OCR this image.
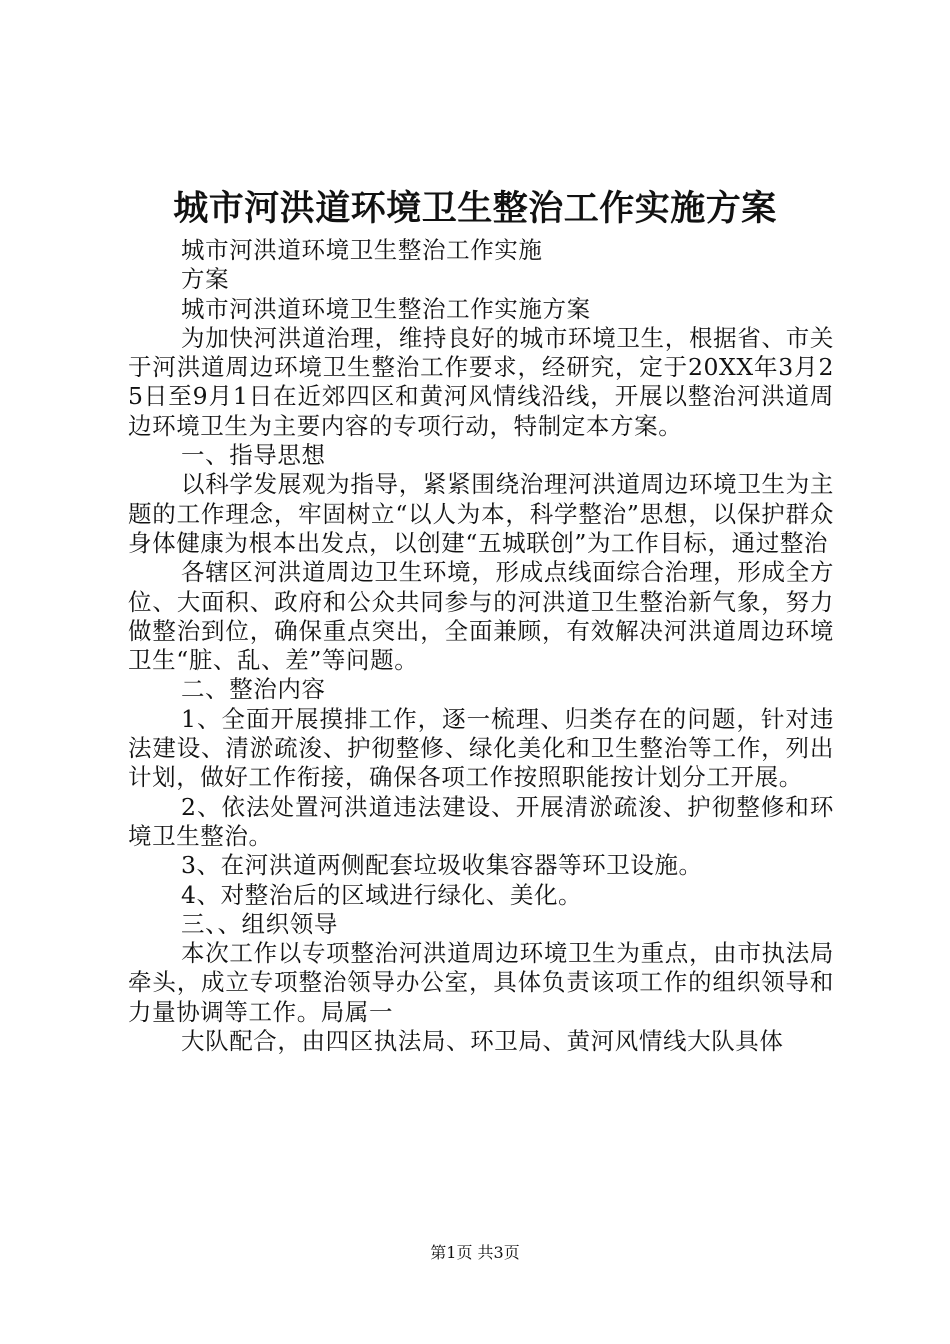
城市河洪道环境卫生整治工作实施方案

城市河洪道环境卫生整治工作实施

方案

城市河洪道环境卫生整治工作实施方案

为加快河洪道治理，维持良好的城市环境卫生，根据省、市关于河洪道周边环境卫生整治工作要求，经研究，定于20XX年3月25日至9月1日在近郊四区和黄河风情线沿线，开展以整治河洪道周边环境卫生为主要内容的专项行动，特制定本方案。

一、指导思想

以科学发展观为指导，紧紧围绕治理河洪道周边环境卫生为主题的工作理念，牢固树立“以人为本，科学整治”思想，以保护群众身体健康为根本出发点，以创建“五城联创”为工作目标，通过整治

各辖区河洪道周边卫生环境，形成点线面综合治理，形成全方位、大面积、政府和公众共同参与的河洪道卫生整治新气象，努力做整治到位，确保重点突出，全面兼顾，有效解决河洪道周边环境卫生“脏、乱、差”等问题。

二、整治内容

1、全面开展摸排工作，逐一梳理、归类存在的问题，针对违法建设、清淤疏浚、护彻整修、绿化美化和卫生整治等工作，列出计划，做好工作衔接，确保各项工作按照职能按计划分工开展。

2、依法处置河洪道违法建设、开展清淤疏浚、护彻整修和环境卫生整治。

3、在河洪道两侧配套垃圾收集容器等环卫设施。

4、对整治后的区域进行绿化、美化。

三、、组织领导

本次工作以专项整治河洪道周边环境卫生为重点，由市执法局牵头，成立专项整治领导办公室，具体负责该项工作的组织领导和力量协调等工作。局属一

大队配合，由四区执法局、环卫局、黄河风情线大队具体

第1页 共3页
